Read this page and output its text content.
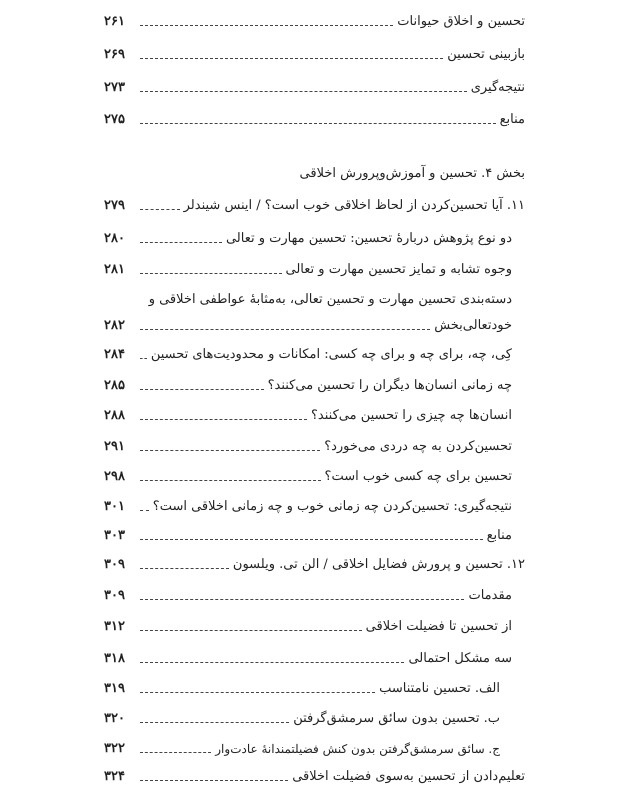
تحسین و اخلاق حیوانات
۲۶۱
بازبینی تحسین
۲۶۹
نتیجه‌گیری
۲۷۳
منابع
۲۷۵
بخش ۴. تحسین و آموزش‌وپرورش اخلاقی
۱۱. آیا تحسین‌کردن از لحاظ اخلاقی خوب است؟ / اینس شیندلر
۲۷۹
دو نوع پژوهش دربارهٔ تحسین: تحسین مهارت و تعالی
۲۸۰
وجوه تشابه و تمایز تحسین مهارت و تعالی
۲۸۱
دسته‌بندی تحسین مهارت و تحسین تعالی، به‌مثابهٔ عواطفی اخلاقی و
خودتعالی‌بخش
۲۸۲
کِی، چه، برای چه و برای چه کسی: امکانات و محدودیت‌های تحسین
۲۸۴
چه زمانی انسان‌ها دیگران را تحسین می‌کنند؟
۲۸۵
انسان‌ها چه چیزی را تحسین می‌کنند؟
۲۸۸
تحسین‌کردن به چه دردی می‌خورد؟
۲۹۱
تحسین برای چه کسی خوب است؟
۲۹۸
نتیجه‌گیری: تحسین‌کردن چه زمانی خوب و چه زمانی اخلاقی است؟
۳۰۱
منابع
۳۰۳
۱۲. تحسین و پرورش فضایل اخلاقی / الن تی. ویلسون
۳۰۹
مقدمات
۳۰۹
از تحسین تا فضیلت اخلاقی
۳۱۲
سه مشکل احتمالی
۳۱۸
الف. تحسین نامتناسب
۳۱۹
ب. تحسین بدون سائق سرمشق‌گرفتن
۳۲۰
ج. سائق سرمشق‌گرفتن بدون کنش فضیلتمندانهٔ عادت‌وار
۳۲۲
تعلیم‌دادن از تحسین به‌سوی فضیلت اخلاقی
۳۲۴
